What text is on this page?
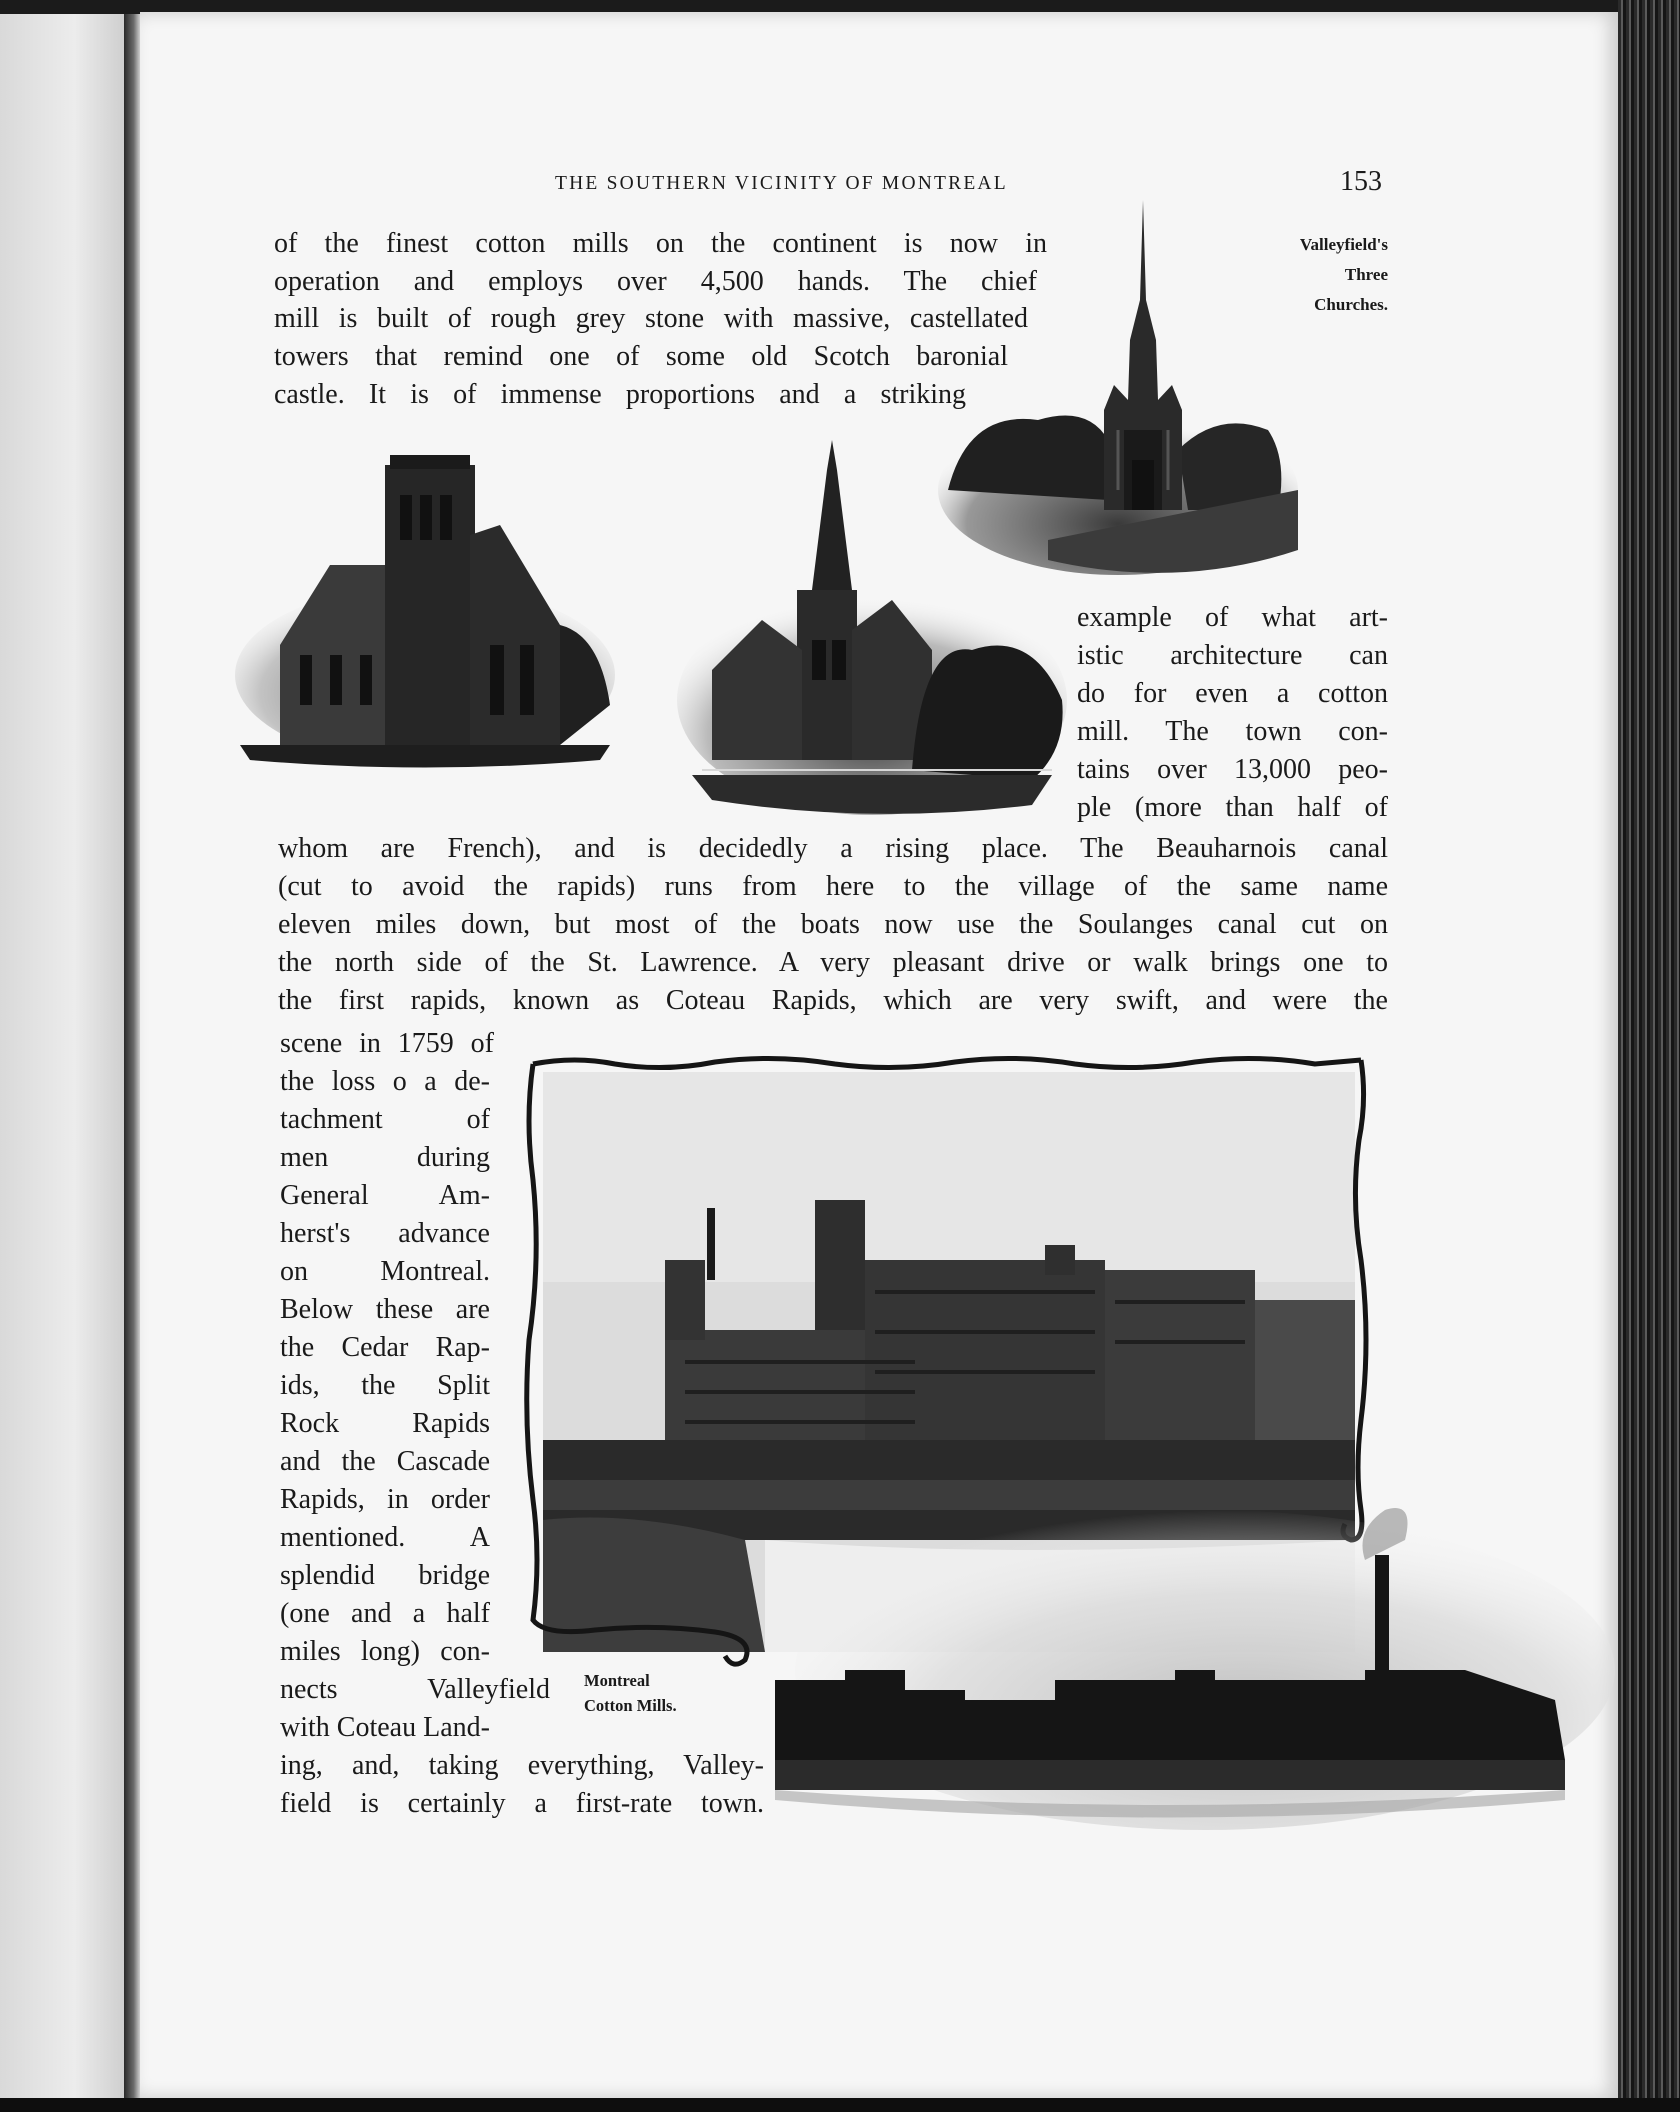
THE SOUTHERN VICINITY OF MONTREAL	153
Valleyfield's
Three
Churches.
of the finest cotton mills on the continent is now in
operation and employs over 4,500 hands. The chief
mill is built of rough grey stone with massive, castellated
towers that remind one of some old Scotch baronial
castle. It is of immense proportions and a striking
example of what art-
istic architecture can
do for even a cotton
mill. The town con-
tains over 13,000 peo-
ple (more than half of
whom are French), and is decidedly a rising place. The Beauharnois canal
(cut to avoid the rapids) runs from here to the village of the same name
eleven miles down, but most of the boats now use the Soulanges canal cut on
the north side of the St. Lawrence. A very pleasant drive or walk brings one to
the first rapids, known as Coteau Rapids, which are very swift, and were the
scene in 1759 of
the loss o a de-
tachment of
men during
General Am-
herst's advance
on Montreal.
Below these are
the Cedar Rap-
ids, the Split
Rock Rapids
and the Cascade
Rapids, in order
mentioned. A
splendid bridge
(one and a half
miles long) con-
nects Valleyfield
with Coteau Land-
ing, and, taking everything, Valley-
field is certainly a first-rate town.
Montreal
Cotton Mills.
